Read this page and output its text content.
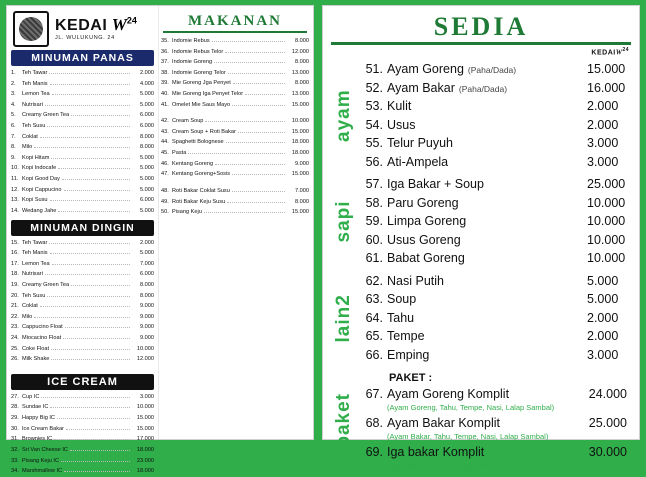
KEDAI $W^{24}$
JL. WULUKUNG. 24
MINUMAN PANAS
1.	Teh Tawar	2.000
2.	Teh Manis	4.000
3.	Lemon Tea	5.000
4.	Nutrisari	5.000
5.	Creamy Green Tea	6.000
6.	Teh Susu	6.000
7.	Coklat	8.000
8.	Milo	8.000
9.	Kopi Hitam	5.000
10. Kopi Indocafe	5.000
11. Kopi Good Day	5.000
12. Kopi Cappucino	5.000
13. Kopi Susu	6.000
14. Wedang Jahe	5.000
MINUMAN DINGIN
15. Teh Tawar	2.000
16. Teh Manis	5.000
17. Lemon Tea	7.000
18. Nutrisari	6.000
19. Creamy Green Tea	8.000
20. Teh Susu	8.000
21. Coklat	9.000
22. Milo	9.000
23. Cappucino Float	9.000
24. Miocacino Float	9.000
25. Coke Float	10.000
26. Milk Shake	12.000
ICE CREAM
27. Cup IC	3.000
28. Sundae IC	10.000
29. Happy Big IC	15.000
30. Ice Cream Bakar	15.000
31. Brownies IC	17.000
32. Sri Van Cheese IC	18.000
33. Pisang Keju IC	23.000
34. Marshmallow IC	18.000
MAKANAN
35. Indomie Rebus	8.000
36. Indomie Rebus Telor	12.000
37. Indomie Goreng	8.000
38. Indomie Goreng Telor	13.000
39. Mie Goreng Jga Penyet	8.000
40. Mie Goreng Iga Penyet Telor	13.000
41. Omelet Mie Saus Mayo	15.000
42. Cream Soup	10.000
43. Cream Soup + Roti Bakar	15.000
44. Spaghetti Bolognese	18.000
45. Pasta	18.000
46. Kentang Goreng	9.000
47. Kentang Goreng+Sosis	15.000
48. Roti Bakar Coklat Susu	7.000
49. Roti Bakar Keju Susu	8.000
50. Pisang Keju	15.000
SEDIA
KEDAIW$^{24}$
ayam
51. Ayam Goreng (Paha/Dada)	15.000
52. Ayam Bakar (Paha/Dada)	16.000
53. Kulit	2.000
54. Usus	2.000
55. Telur Puyuh	3.000
56. Ati-Ampela	3.000
sapi
57. Iga Bakar + Soup	25.000
58. Paru Goreng	10.000
59. Limpa Goreng	10.000
60. Usus Goreng	10.000
61. Babat Goreng	10.000
lain2
62. Nasi Putih	5.000
63. Soup	5.000
64. Tahu	2.000
65. Tempe	2.000
66. Emping	3.000
paket
PAKET :
67. Ayam Goreng Komplit	24.000
(Ayam Goreng, Tahu, Tempe, Nasi, Lalap Sambal)
68. Ayam Bakar Komplit	25.000
(Ayam Bakar, Tahu, Tempe, Nasi, Lalap Sambal)
69. Iga bakar Komplit	30.000
(Iga Bakar, Soup, Emping, Nasi)
